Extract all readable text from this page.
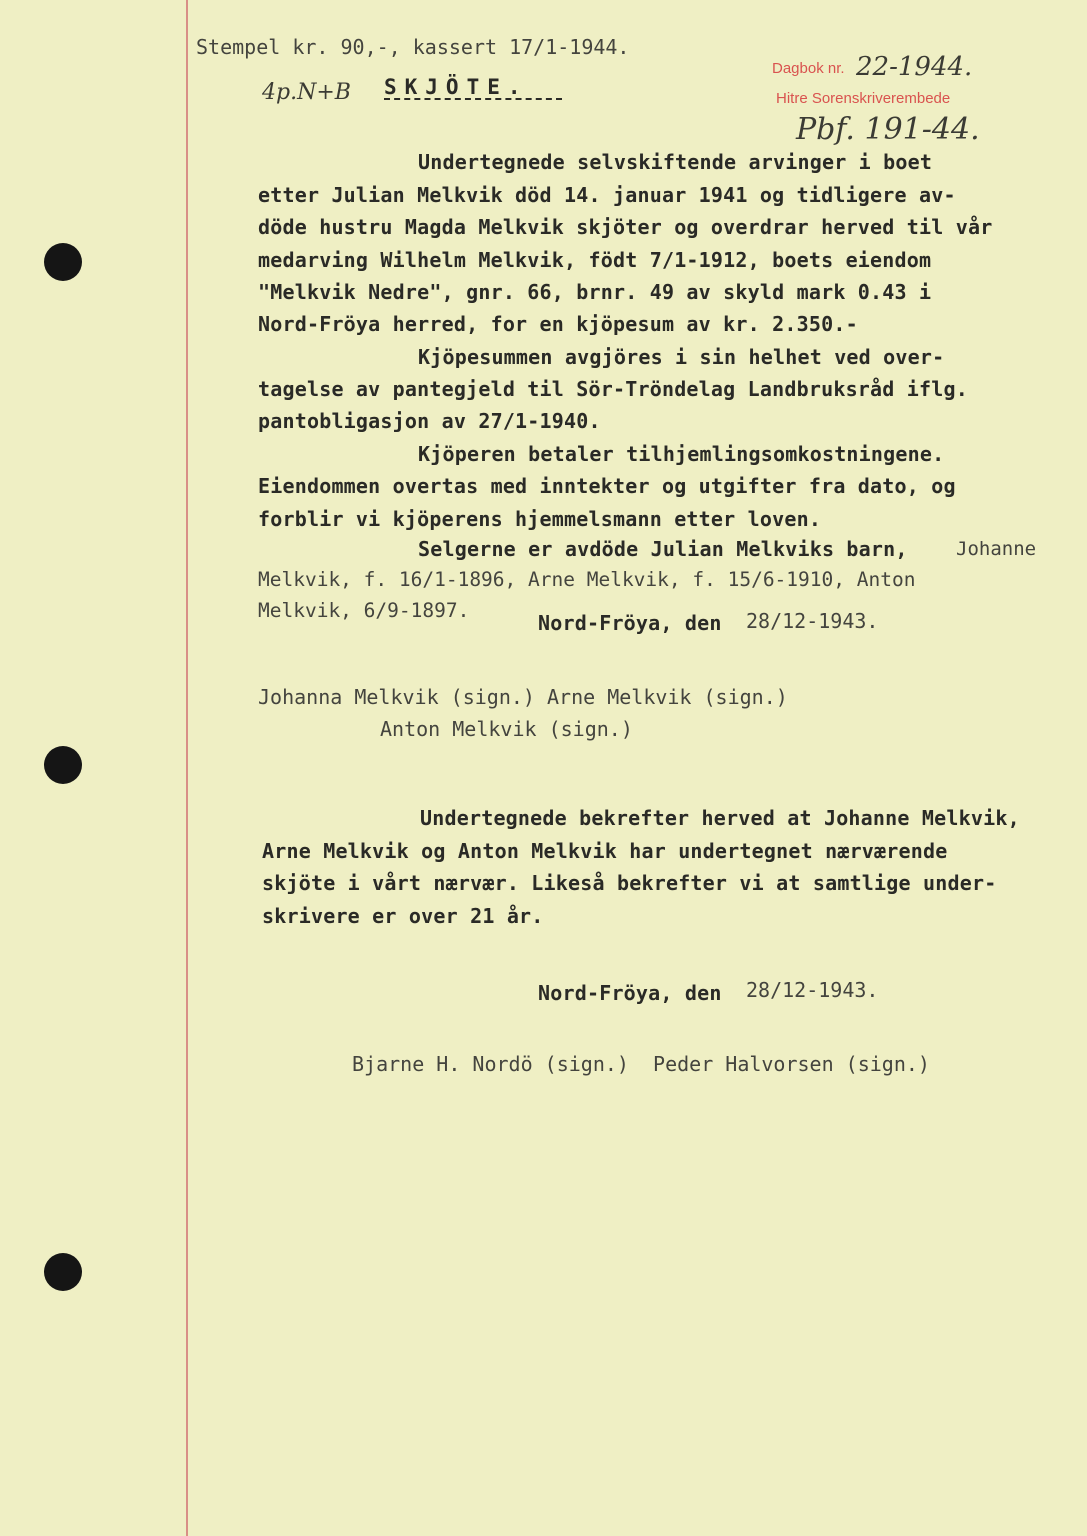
Stempel kr. 90,-, kassert 17/1-1944.
SKJÖTE.
4p.N+B
Dagbok nr. 22-1944.
Hitre Sorenskriverembede
Pbf. 191-44.
Undertegnede selvskiftende arvinger i boet
etter Julian Melkvik död 14. januar 1941 og tidligere av-
döde hustru Magda Melkvik skjöter og overdrar herved til vår
medarving Wilhelm Melkvik, födt 7/1-1912, boets eiendom
"Melkvik Nedre", gnr. 66, brnr. 49 av skyld mark 0.43 i
Nord-Fröya herred, for en kjöpesum av kr. 2.350.-
Kjöpesummen avgjöres i sin helhet ved over-
tagelse av pantegjeld til Sör-Tröndelag Landbruksråd iflg.
pantobligasjon av 27/1-1940.
Kjöperen betaler tilhjemlingsomkostningene.
Eiendommen overtas med inntekter og utgifter fra dato, og
forblir vi kjöperens hjemmelsmann etter loven.
Selgerne er avdöde Julian Melkviks barn,	Johanne
Melkvik, f. 16/1-1896, Arne Melkvik, f. 15/6-1910, Anton
Melkvik, 6/9-1897.
Nord-Fröya, den 28/12-1943.
Johanna Melkvik (sign.) Arne Melkvik (sign.)
Anton Melkvik (sign.)
Undertegnede bekrefter herved at Johanne Melkvik,
Arne Melkvik og Anton Melkvik har undertegnet nærværende
skjöte i vårt nærvær. Likeså bekrefter vi at samtlige under-
skrivere er over 21 år.
Nord-Fröya, den 28/12-1943.
Bjarne H. Nordö (sign.)  Peder Halvorsen (sign.)
